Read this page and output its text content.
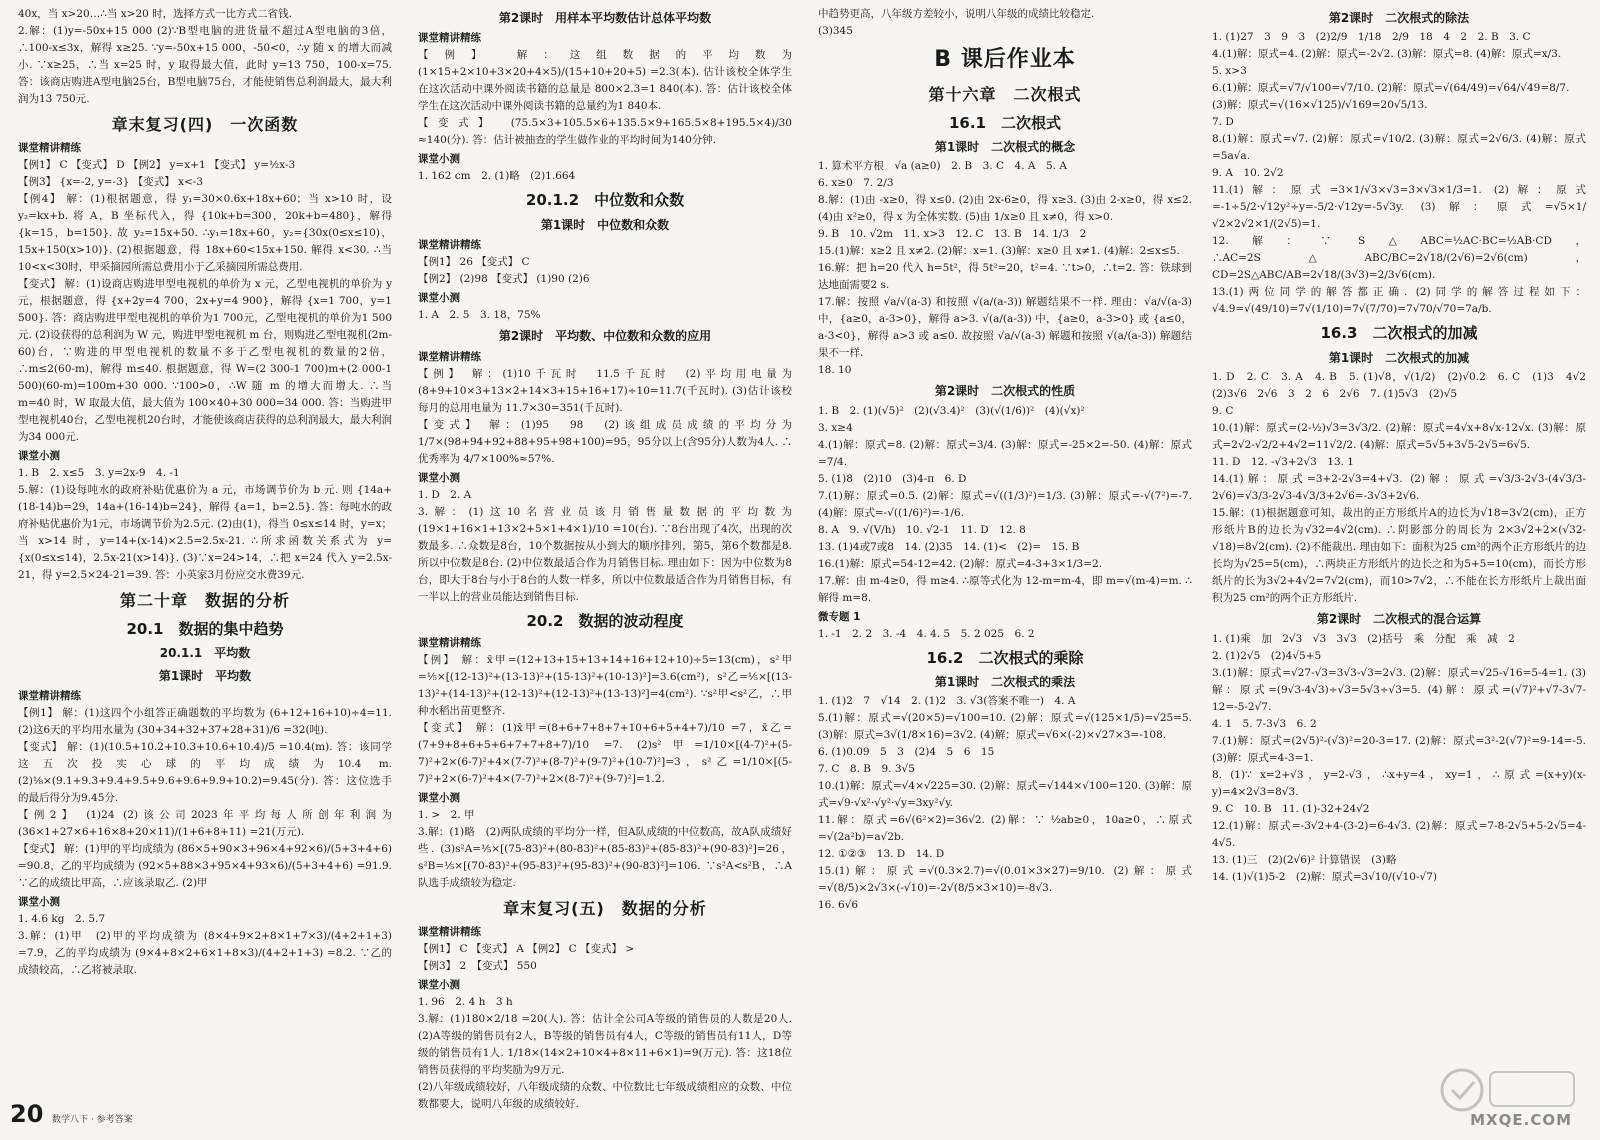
40x，当 x>20…∴当 x>20 时，选择方式一比方式二省钱.

2.解：(1)y=-50x+15 000 (2)∵B型电脑的进货量不超过A型电脑的3倍，∴100-x≤3x，解得 x≥25. ∵y=-50x+15 000，-50<0，∴y 随 x 的增大而减小. ∵x≥25，∴当 x=25 时，y 取得最大值，此时 y=13 750，100-x=75. 答：该商店购进A型电脑25台，B型电脑75台，才能使销售总利润最大，最大利润为13 750元.

章末复习(四)　一次函数
课堂精讲精练

【例1】 C 【变式】 D 【例2】 y=x+1 【变式】 y=½x-3

【例3】 {x=-2, y=-3} 【变式】 x<-3

【例4】 解：(1)根据题意，得 y₁=30×0.6x+18x+60；当 x>10 时，设 y₂=kx+b. 将 A，B 坐标代入，得 {10k+b=300，20k+b=480}，解得 {k=15，b=150}. 故 y₂=15x+50. ∴y₁=18x+60，y₂={30x(0≤x≤10)，15x+150(x>10)}. (2)根据题意，得 18x+60<15x+150. 解得 x<30. ∴当10<x<30时，甲采摘园所需总费用小于乙采摘园所需总费用.

【变式】 解：(1)设商店购进甲型电视机的单价为 x 元，乙型电视机的单价为 y 元，根据题意，得 {x+2y=4 700，2x+y=4 900}，解得 {x=1 700，y=1 500}. 答：商店购进甲型电视机的单价为1 700元，乙型电视机的单价为1 500元. (2)设获得的总利润为 W 元，购进甲型电视机 m 台，则购进乙型电视机(2m-60)台，∵购进的甲型电视机的数量不多于乙型电视机的数量的2倍，∴m≤2(60-m)，解得 m≤40. 根据题意，得 W=(2 300-1 700)m+(2 000-1 500)(60-m)=100m+30 000. ∵100>0，∴W 随 m 的增大而增大. ∴当 m=40 时，W 取最大值，最大值为 100×40+30 000=34 000. 答：当购进甲型电视机40台，乙型电视机20台时，才能使该商店获得的总利润最大，最大利润为34 000元.

课堂小测

1. B　2. x≤5　3. y=2x-9　4. -1

5.解：(1)设每吨水的政府补贴优惠价为 a 元，市场调节价为 b 元. 则 {14a+(18-14)b=29，14a+(16-14)b=24}，解得 {a=1，b=2.5}. 答：每吨水的政府补贴优惠价为1元，市场调节价为2.5元. (2)由(1)，得当 0≤x≤14 时，y=x；当 x>14 时，y=14+(x-14)×2.5=2.5x-21. ∴所求函数关系式为 y={x(0≤x≤14)，2.5x-21(x>14)}. (3)∵x=24>14，∴把 x=24 代入 y=2.5x-21，得 y=2.5×24-21=39. 答：小英家3月份应交水费39元.

第二十章　数据的分析
20.1　数据的集中趋势
20.1.1　平均数
第1课时　平均数
课堂精讲精练

【例1】 解：(1)这四个小组答正确题数的平均数为 (6+12+16+10)÷4=11. (2)这6天的平均用水量为 (30+34+32+37+28+31)/6 =32(吨).

【变式】 解：(1)(10.5+10.2+10.3+10.6+10.4)/5 =10.4(m). 答：该同学这五次投实心球的平均成绩为10.4 m. (2)⅛×(9.1+9.3+9.4+9.5+9.6+9.6+9.9+10.2)=9.45(分). 答：这位选手的最后得分为9.45分.

【例2】 (1)24 (2)该公司2023年平均每人所创年利润为 (36×1+27×6+16×8+20×11)/(1+6+8+11) =21(万元).

【变式】 解：(1)甲的平均成绩为 (86×5+90×3+96×4+92×6)/(5+3+4+6) =90.8，乙的平均成绩为 (92×5+88×3+95×4+93×6)/(5+3+4+6) =91.9. ∵乙的成绩比甲高，∴应该录取乙. (2)甲

课堂小测

1. 4.6 kg　2. 5.7

3.解：(1)甲　(2)甲的平均成绩为 (8×4+9×2+8×1+7×3)/(4+2+1+3) =7.9，乙的平均成绩为 (9×4+8×2+6×1+8×3)/(4+2+1+3) =8.2. ∵乙的成绩较高，∴乙将被录取.

第2课时　用样本平均数估计总体平均数
课堂精讲精练

【例】 解：这组数据的平均数为 (1×15+2×10+3×20+4×5)/(15+10+20+5) =2.3(本). 估计该校全体学生在这次活动中课外阅读书籍的总量是 800×2.3=1 840(本). 答：估计该校全体学生在这次活动中课外阅读书籍的总量约为1 840本.

【变式】 (75.5×3+105.5×6+135.5×9+165.5×8+195.5×4)/30 ≈140(分). 答：估计被抽查的学生做作业的平均时间为140分钟.

课堂小测

1. 162 cm　2. (1)略　(2)1.664

20.1.2　中位数和众数
第1课时　中位数和众数
课堂精讲精练

【例1】 26 【变式】 C

【例2】 (2)98 【变式】 (1)90 (2)6

课堂小测

1. A　2. 5　3. 18，75%

第2课时　平均数、中位数和众数的应用
课堂精讲精练

【例】 解：(1)10千瓦时　11.5千瓦时　(2)平均用电量为 (8+9+10×3+13×2+14×3+15+16+17)÷10=11.7(千瓦时). (3)估计该校每月的总用电量为 11.7×30=351(千瓦时).

【变式】 解：(1)95　98　(2)该组成员成绩的平均分为 1/7×(98+94+92+88+95+98+100)=95，95分以上(含95分)人数为4人. ∴优秀率为 4/7×100%≈57%.

课堂小测

1. D　2. A

3.解：(1)这10名营业员该月销售量数据的平均数为 (19×1+16×1+13×2+5×1+4×1)/10 =10(台). ∵8台出现了4次，出现的次数最多. ∴众数是8台，10个数据按从小到大的顺序排列，第5，第6个数都是8. 所以中位数是8台. (2)中位数最适合作为月销售目标. 理由如下：因为中位数为8台，即大于8台与小于8台的人数一样多，所以中位数最适合作为月销售目标，有一半以上的营业员能达到销售目标.

20.2　数据的波动程度
课堂精讲精练

【例】 解：x̄甲=(12+13+15+13+14+16+12+10)÷5=13(cm)，s²甲=⅕×[(12-13)²+(13-13)²+(15-13)²+(10-13)²]=3.6(cm²)，s²乙=⅕×[(13-13)²+(14-13)²+(12-13)²+(12-13)²+(13-13)²]=4(cm²). ∵s²甲<s²乙，∴甲种水稻出苗更整齐.

【变式】 解：(1)x̄甲=(8+6+7+8+7+10+6+5+4+7)/10 =7，x̄乙=(7+9+8+6+5+6+7+7+8+7)/10 =7. (2)s²甲=1/10×[(4-7)²+(5-7)²+2×(6-7)²+4×(7-7)²+(8-7)²+(9-7)²+(10-7)²]=3，s²乙=1/10×[(5-7)²+2×(6-7)²+4×(7-7)²+2×(8-7)²+(9-7)²]=1.2.

课堂小测

1. >　2. 甲

3.解：(1)略　(2)两队成绩的平均分一样，但A队成绩的中位数高，故A队成绩好些. (3)s²A=⅕×[(75-83)²+(80-83)²+(85-83)²+(85-83)²+(90-83)²]=26，s²B=⅕×[(70-83)²+(95-83)²+(95-83)²+(90-83)²]=106. ∵s²A<s²B，∴A队选手成绩较为稳定.

章末复习(五)　数据的分析
课堂精讲精练

【例1】 C 【变式】 A 【例2】 C 【变式】 >

【例3】 2　【变式】 550

课堂小测

1. 96　2. 4 h　3 h

3.解：(1)180×2/18 =20(人). 答：估计全公司A等级的销售员的人数是20人. (2)A等级的销售员有2人，B等级的销售员有4人，C等级的销售员有11人，D等级的销售员有1人. 1/18×(14×2+10×4+8×11+6×1)=9(万元). 答：这18位销售员获得的平均奖励为9万元.

(2)八年级成绩较好，八年级成绩的众数、中位数比七年级成绩相应的众数、中位数都要大，说明八年级的成绩较好.

中趋势更高，八年级方差较小，说明八年级的成绩比较稳定.

(3)345

B 课后作业本
第十六章　二次根式
16.1　二次根式
第1课时　二次根式的概念

1. 算术平方根　√a (a≥0)　2. B　3. C　4. A　5. A

6. x≥0　7. 2/3

8.解：(1)由 -x≥0，得 x≤0. (2)由 2x-6≥0，得 x≥3. (3)由 2-x≥0，得 x≤2. (4)由 x²≥0，得 x 为全体实数. (5)由 1/x≥0 且 x≠0，得 x>0.

9. B　10. √2m　11. x>3　12. C　13. B　14. 1/3　2

15.(1)解：x≥2 且 x≠2. (2)解：x=1. (3)解：x≥0 且 x≠1. (4)解：2≤x≤5.

16.解：把 h=20 代入 h=5t²，得 5t²=20，t²=4. ∵t>0，∴t=2. 答：铁球到达地面需要2 s.

17.解：按照 √a/√(a-3) 和按照 √(a/(a-3)) 解题结果不一样. 理由：√a/√(a-3) 中，{a≥0，a-3>0}，解得 a>3. √(a/(a-3)) 中，{a≥0，a-3>0} 或 {a≤0，a-3<0}，解得 a>3 或 a≤0. 故按照 √a/√(a-3) 解题和按照 √(a/(a-3)) 解题结果不一样.

18. 10

第2课时　二次根式的性质

1. B　2. (1)(√5)²　(2)(√3.4)²　(3)(√(1/6))²　(4)(√x)²

3. x≥4

4.(1)解：原式=8. (2)解：原式=3/4. (3)解：原式=-25×2=-50. (4)解：原式=7/4.

5. (1)8　(2)10　(3)4-π　6. D

7.(1)解：原式=0.5. (2)解：原式=√((1/3)²)=1/3. (3)解：原式=-√(7²)=-7. (4)解：原式=-√((1/6)²)=-1/6.

8. A　9. √(V/h)　10. √2-1　11. D　12. 8

13. (1)4或7或8　14. (2)35　14. (1)<　(2)=　15. B

16.(1)解：原式=54-12=42. (2)解：原式=4-3+3×1/3=2.

17.解：由 m-4≥0，得 m≥4. ∴原等式化为 12-m=m-4，即 m=√(m-4)=m. ∴解得 m=8.

微专题 1

1. -1　2. 2　3. -4　4. 4. 5　5. 2 025　6. 2

16.2　二次根式的乘除
第1课时　二次根式的乘法

1. (1)2　7　√14　2. (1)2　3. √3(答案不唯一)　4. A

5.(1)解：原式=√(20×5)=√100=10. (2)解：原式=√(125×1/5)=√25=5. (3)解：原式=3√(1/8×16)=3√2. (4)解：原式=√6×(-2)×√27×3=-108.

6. (1)0.09　5　3　(2)4　5　6　15

7. C　8. B　9. 3√5

10.(1)解：原式=√4×√225=30. (2)解：原式=√144×√100=120. (3)解：原式=√9·√x²·√y²·√y=3xy²√y.

11.解：原式=6√(6²×2)=36√2. (2)解：∵ ½ab≥0，10a≥0，∴原式=√(2a²b)=a√2b.

12. ①②③　13. D　14. D

15.(1)解：原式=√(0.3×2.7)=√(0.01×3×27)=9/10. (2)解：原式=√(8/5)×2√3×(-√10)=-2√(8/5×3×10)=-8√3.

16. 6√6

第2课时　二次根式的除法

1. (1)27　3　9　3　(2)2/9　1/18　2/9　18　4　2　2. B　3. C

4.(1)解：原式=4. (2)解：原式=-2√2. (3)解：原式=8. (4)解：原式=x/3.

5. x>3

6.(1)解：原式=√7/√100=√7/10. (2)解：原式=√(64/49)=√64/√49=8/7.

(3)解：原式=√(16×√125)/√169=20√5/13.

7. D

8.(1)解：原式=√7. (2)解：原式=√10/2. (3)解：原式=2√6/3. (4)解：原式=5a√a.

9. A　10. 2√2

11.(1)解：原式=3×1/√3×√3=3×√3×1/3=1. (2)解：原式=-1÷5/2·√12y²÷y=-5/2·√12y=-5√3y. (3)解：原式=√5×1/√2×2√2×1/(2√5)=1.

12.解：∵ S△ABC=½AC·BC=½AB·CD，∴AC=2S△ABC/BC=2√18/(2√6)=2√6(cm)，CD=2S△ABC/AB=2√18/(3√3)=2/3√6(cm).

13.(1)两位同学的解答都正确. (2)同学的解答过程如下：√4.9=√(49/10)=7√(1/10)=7√(7/70)=7√70/√70=7a/b.

16.3　二次根式的加减
第1课时　二次根式的加减

1. D　2. C　3. A　4. B　5. (1)√8，√(1/2)　(2)√0.2　6. C　(1)3　4√2　(2)3√6　2√6　3　2　6　2√6　7. (1)5√3　(2)√5

9. C

10.(1)解：原式=(2-½)√3=3√3/2. (2)解：原式=4√x+8√x-12√x. (3)解：原式=2√2-√2/2+4√2=11√2/2. (4)解：原式=5√5+3√5-2√5=6√5.

11. D　12. -√3+2√3　13. 1

14.(1)解：原式=3+2-2√3=4+√3. (2)解：原式=√3/3-2√3-(4√3/3-2√6)=√3/3-2√3-4√3/3+2√6=-3√3+2√6.

15.解：(1)根据题意可知，裁出的正方形纸片A的边长为√18=3√2(cm)，正方形纸片B的边长为√32=4√2(cm). ∴阴影部分的周长为 2×3√2+2×(√32-√18)=8√2(cm). (2)不能裁出. 理由如下：面积为25 cm²的两个正方形纸片的边长均为√25=5(cm)，∴两块正方形纸片的边长之和为5+5=10(cm)，而长方形纸片的长为3√2+4√2=7√2(cm)，而10>7√2，∴不能在长方形纸片上裁出面积为25 cm²的两个正方形纸片.

第2课时　二次根式的混合运算

1. (1)乘　加　2√3　√3　3√3　(2)括号　乘　分配　乘　减　2

2. (1)2√5　(2)4√5+5

3.(1)解：原式=√27-√3=3√3-√3=2√3. (2)解：原式=√25-√16=5-4=1. (3)解：原式=(9√3-4√3)÷√3=5√3÷√3=5. (4)解：原式=(√7)²+√7-3√7-12=-5-2√7.

4. 1　5. 7-3√3　6. 2

7.(1)解：原式=(2√5)²-(√3)²=20-3=17. (2)解：原式=3²-2(√7)²=9-14=-5. (3)解：原式=4-3=1.

8. (1)∵ x=2+√3，y=2-√3，∴x+y=4，xy=1，∴原式=(x+y)(x-y)=4×2√3=8√3.

9. C　10. B　11. (1)-32+24√2

12.(1)解：原式=-3√2+4-(3-2)=6-4√3. (2)解：原式=7-8-2√5+5-2√5=4-4√5.

13. (1)三　(2)(2√6)² 计算错误　(3)略

14. (1)√(1)5-2　(2)解：原式=3√10/(√10-√7)

20 数学八下 · 参考答案	MXQE.COM
